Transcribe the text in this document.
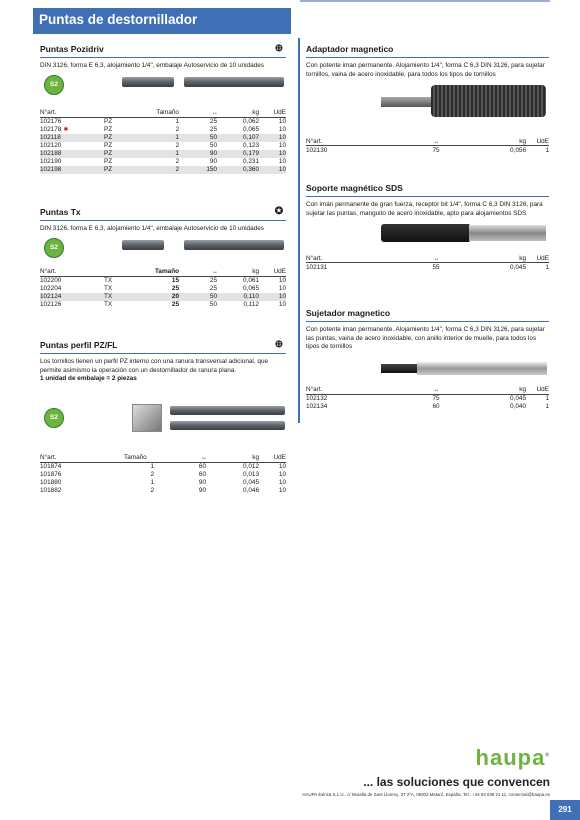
Puntas de destornillador
Puntas Pozidriv	⊕
DIN 3126, forma E 6,3, alojamiento 1/4", embalaje Autoservicio de 10 unidades
S2
N°art.		Tamaño	↔	kg	UdE
102176	PZ	1	25	0,062	10
102178 ✱	PZ	2	25	0,065	10
102118	PZ	1	50	0,107	10
102120	PZ	2	50	0,123	10
102188	PZ	1	90	0,179	10
102190	PZ	2	90	0,231	10
102198	PZ	2	150	0,360	10
Puntas Tx	✪
DIN 3126, forma E 6,3, alojamiento 1/4", embalaje Autoservicio de 10 unidades
S2
N°art.		Tamaño	↔	kg	UdE
102200	TX	15	25	0,061	10
102204	TX	25	25	0,065	10
102124	TX	20	50	0,110	10
102126	TX	25	50	0,112	10
Puntas perfil PZ/FL	⊕
Los tornillos tienen un perfil PZ interno con una ranura transversal adicional, que permite asimismo la operación con un destornillador de ranura plana.
1 unidad de embalaje = 2 piezas
S2
N°art.	Tamaño	↔	kg	UdE
101874	1	60	0,012	10
101876	2	60	0,013	10
101880	1	90	0,045	10
101882	2	90	0,046	10
Adaptador magnetico
Con potente iman permanente. Alojamiento 1/4", forma C 6,3 DIN 3126, para sujetar tornillos, vaina de acero inoxidable, para todos los tipos de tornillos
N°art.	↔	kg	UdE
102130	75	0,056	1
Soporte magnético SDS
Con imán permanente de gran fuerza, receptor bit 1/4", forma C 6,3 DIN 3126, para sujetar las puntas, manguito de acero inoxidable, apto para alojamientos SDS
N°art.	↔	kg	UdE
102131	55	0,045	1
Sujetador magnetico
Con potente iman permanente. Alojamiento 1/4", forma C 6,3 DIN 3126, para sujetar las puntas, vaina de acero inoxidable, con anillo interior de muelle, para todos los tipos de tornillos
N°art.	↔	kg	UdE
102132	75	0,045	1
102134	60	0,040	1
haupa®
... las soluciones que convencen
HAUPA Ibérica S.L.U., c/ Muralla de Sant Llorenç, 37 2ºA, 08302 Mataró, España, Tel.: +34 93 638 21 11, comercial@haupa.es
291
